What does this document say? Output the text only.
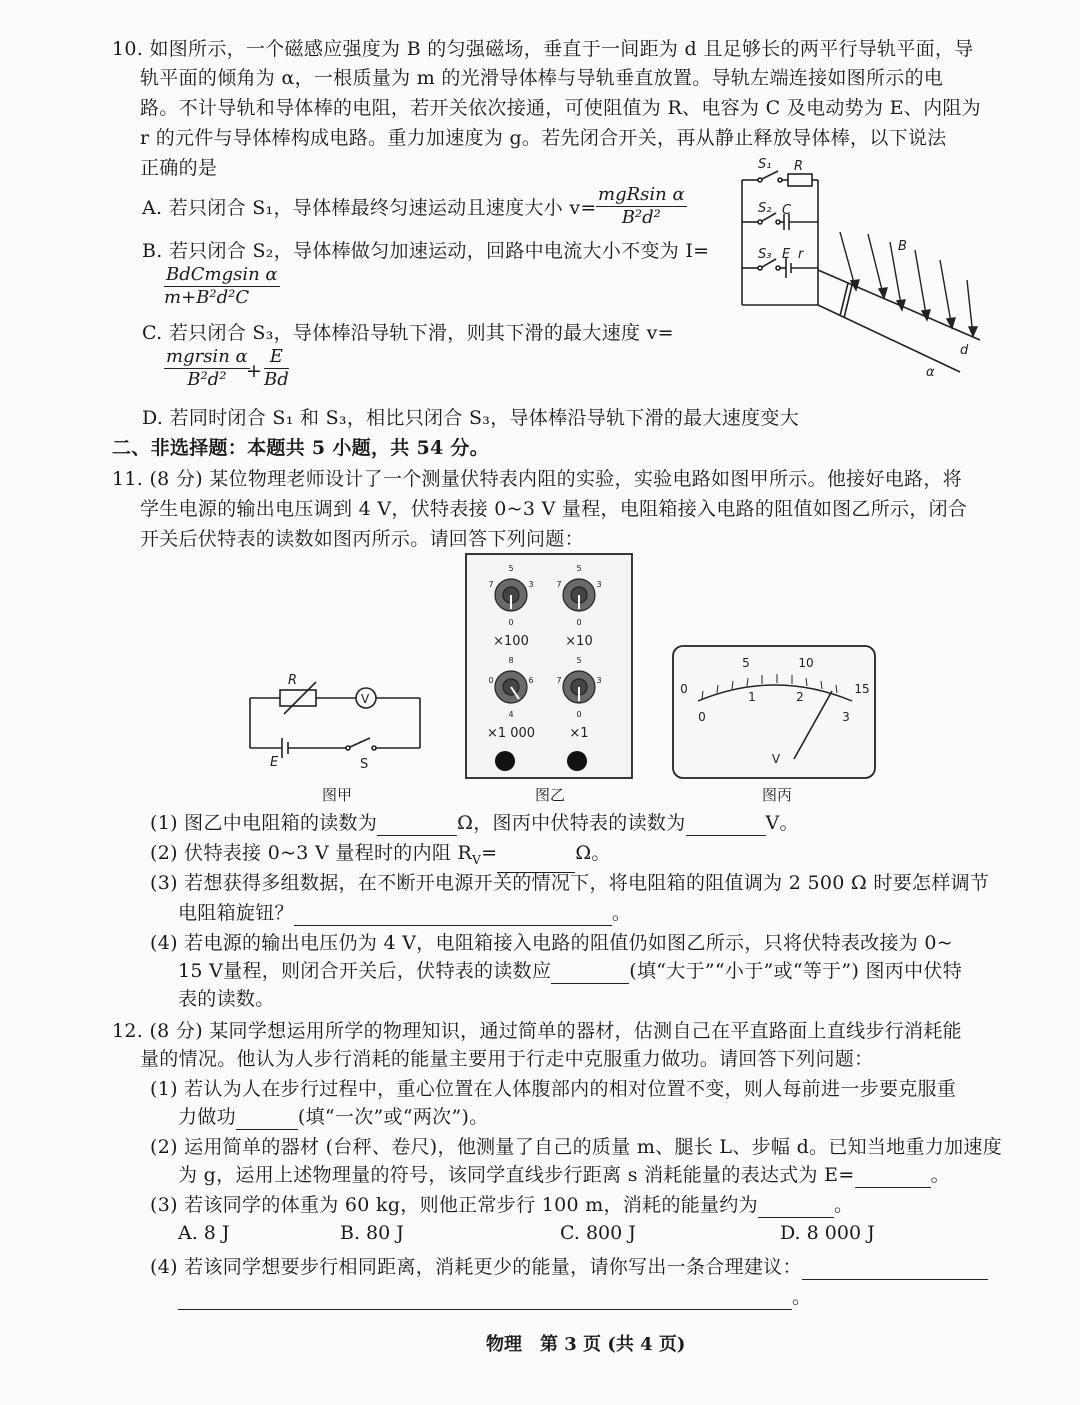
10. 如图所示，一个磁感应强度为 B 的匀强磁场，垂直于一间距为 d 且足够长的两平行导轨平面，导
轨平面的倾角为 α，一根质量为 m 的光滑导体棒与导轨垂直放置。导轨左端连接如图所示的电
路。不计导轨和导体棒的电阻，若开关依次接通，可使阻值为 R、电容为 C 及电动势为 E、内阻为
r 的元件与导体棒构成电路。重力加速度为 g。若先闭合开关，再从静止释放导体棒，以下说法
正确的是
A. 若只闭合 S₁，导体棒最终匀速运动且速度大小 v=
mgRsin α
B²d²
B. 若只闭合 S₂，导体棒做匀加速运动，回路中电流大小不变为 I=
BdCmgsin α
m+B²d²C
C. 若只闭合 S₃，导体棒沿导轨下滑，则其下滑的最大速度 v=
mgrsin α
B²d²	+ $\frac{E}{Bd}$
D. 若同时闭合 S₁ 和 S₃，相比只闭合 S₃，导体棒沿导轨下滑的最大速度变大
S₁ R
S₂ C
S₃ E r
B
d
α
二、非选择题：本题共 5 小题，共 54 分。
11. (8 分) 某位物理老师设计了一个测量伏特表内阻的实验，实验电路如图甲所示。他接好电路，将
学生电源的输出电压调到 4 V，伏特表接 0~3 V 量程，电阻箱接入电路的阻值如图乙所示，闭合
开关后伏特表的读数如图丙所示。请回答下列问题：
R
V
E	S
图甲
5
0
7	3
5
0
7	3
8
4
0	6
5
0
7	3
×100	×10
×1 000	×1
图乙
0
5	10
15
0
1	2
3
V
图丙
(1) 图乙中电阻箱的读数为	Ω，图丙中伏特表的读数为	V。
(2) 伏特表接 0~3 V 量程时的内阻 $R_V=$	Ω。
(3) 若想获得多组数据，在不断开电源开关的情况下，将电阻箱的阻值调为 2 500 Ω 时要怎样调节
电阻箱旋钮？	。
(4) 若电源的输出电压仍为 4 V，电阻箱接入电路的阻值仍如图乙所示，只将伏特表改接为 0~
15 V量程，则闭合开关后，伏特表的读数应	(填“大于”“小于”或“等于”) 图丙中伏特
表的读数。
12. (8 分) 某同学想运用所学的物理知识，通过简单的器材，估测自己在平直路面上直线步行消耗能
量的情况。他认为人步行消耗的能量主要用于行走中克服重力做功。请回答下列问题：
(1) 若认为人在步行过程中，重心位置在人体腹部内的相对位置不变，则人每前进一步要克服重
力做功	(填“一次”或“两次”)。
(2) 运用简单的器材 (台秤、卷尺)，他测量了自己的质量 m、腿长 L、步幅 d。已知当地重力加速度
为 g，运用上述物理量的符号，该同学直线步行距离 s 消耗能量的表达式为 E=	。
(3) 若该同学的体重为 60 kg，则他正常步行 100 m，消耗的能量约为	。
A. 8 J	B. 80 J	C. 800 J	D. 8 000 J
(4) 若该同学想要步行相同距离，消耗更少的能量，请你写出一条合理建议：
。
物理　第 3 页 (共 4 页)
